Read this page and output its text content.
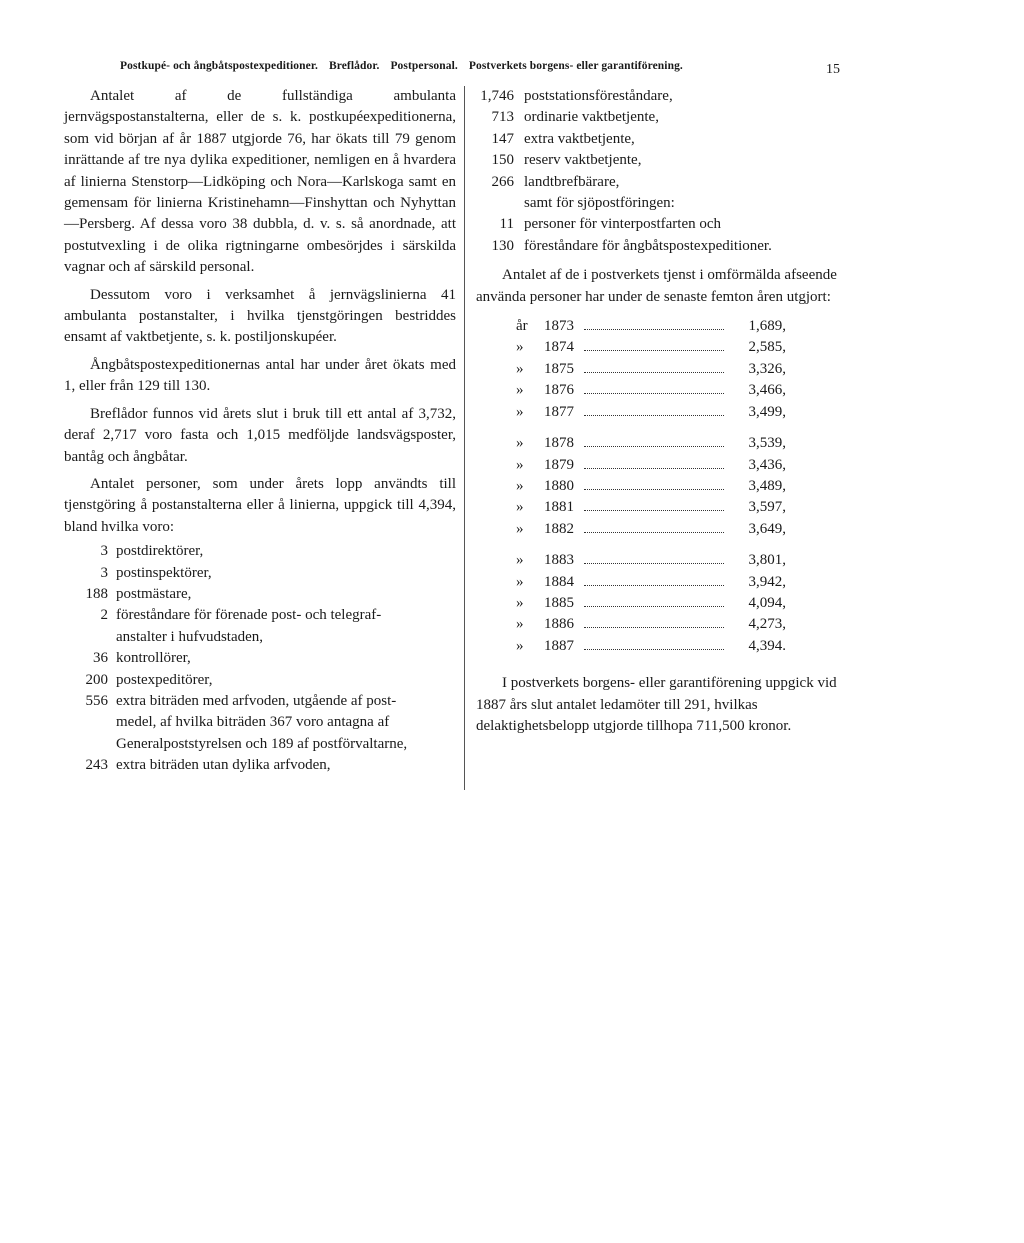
Postkupé- och ångbåtspostexpeditioner. Breflådor. Postpersonal. Postverkets borgens- eller garantiförening.	15

Antalet af de fullständiga ambulanta jernvägspostanstalterna, eller de s. k. postkupéexpeditionerna, som vid början af år 1887 utgjorde 76, har ökats till 79 genom inrättande af tre nya dylika expeditioner, nemligen en å hvardera af linierna Stenstorp—Lidköping och Nora—Karlskoga samt en gemensam för linierna Kristinehamn—Finshyttan och Nyhyttan—Persberg. Af dessa voro 38 dubbla, d. v. s. så anordnade, att postutvexling i de olika rigtningarne ombesörjdes i särskilda vagnar och af särskild personal.

Dessutom voro i verksamhet å jernvägslinierna 41 ambulanta postanstalter, i hvilka tjenstgöringen bestriddes ensamt af vaktbetjente, s. k. postiljonskupéer.

Ångbåtspostexpeditionernas antal har under året ökats med 1, eller från 129 till 130.

Breflådor funnos vid årets slut i bruk till ett antal af 3,732, deraf 2,717 voro fasta och 1,015 medföljde landsvägsposter, bantåg och ångbåtar.

Antalet personer, som under årets lopp användts till tjenstgöring å postanstalterna eller å linierna, uppgick till 4,394, bland hvilka voro:

3 postdirektörer,
3 postinspektörer,
188 postmästare,
2 föreståndare för förenade post- och telegraf-
anstalter i hufvudstaden,
36 kontrollörer,
200 postexpeditörer,
556 extra biträden med arfvoden, utgående af post-
medel, af hvilka biträden 367 voro antagna af
Generalpoststyrelsen och 189 af postförvaltarne,
243 extra biträden utan dylika arfvoden,
1,746 poststationsföreståndare,
713 ordinarie vaktbetjente,
147 extra vaktbetjente,
150 reserv vaktbetjente,
266 landtbrefbärare,
samt för sjöpostföringen:
11 personer för vinterpostfarten och
130 föreståndare för ångbåtspostexpeditioner.

Antalet af de i postverkets tjenst i omförmälda afseende använda personer har under de senaste femton åren utgjort:

år	1873	1,689,
»	1874	2,585,
»	1875	3,326,
»	1876	3,466,
»	1877	3,499,
»	1878	3,539,
»	1879	3,436,
»	1880	3,489,
»	1881	3,597,
»	1882	3,649,
»	1883	3,801,
»	1884	3,942,
»	1885	4,094,
»	1886	4,273,
»	1887	4,394.

I postverkets borgens- eller garantiförening uppgick vid 1887 års slut antalet ledamöter till 291, hvilkas delaktighetsbelopp utgjorde tillhopa 711,500 kronor.
